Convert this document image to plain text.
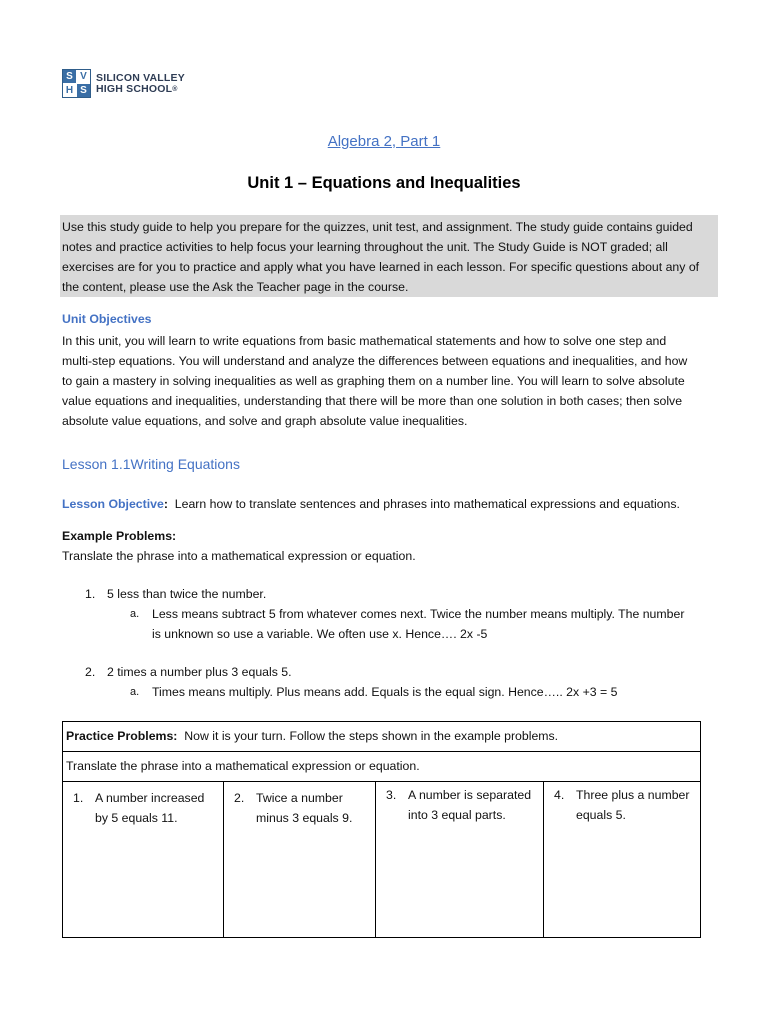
S V
H S
SILICON VALLEY
HIGH SCHOOL®
Algebra 2, Part 1
Unit 1 – Equations and Inequalities
Use this study guide to help you prepare for the quizzes, unit test, and assignment. The study guide contains guided
notes and practice activities to help focus your learning throughout the unit. The Study Guide is NOT graded; all
exercises are for you to practice and apply what you have learned in each lesson. For specific questions about any of
the content, please use the Ask the Teacher page in the course.
Unit Objectives
In this unit, you will learn to write equations from basic mathematical statements and how to solve one step and
multi-step equations. You will understand and analyze the differences between equations and inequalities, and how
to gain a mastery in solving inequalities as well as graphing them on a number line. You will learn to solve absolute
value equations and inequalities, understanding that there will be more than one solution in both cases; then solve
absolute value equations, and solve and graph absolute value inequalities.
Lesson 1.1Writing Equations
Lesson Objective:  Learn how to translate sentences and phrases into mathematical expressions and equations.
Example Problems:
Translate the phrase into a mathematical expression or equation.
1. 5 less than twice the number.
a. Less means subtract 5 from whatever comes next. Twice the number means multiply. The number
is unknown so use a variable. We often use x. Hence…. 2x -5
2. 2 times a number plus 3 equals 5.
a. Times means multiply. Plus means add. Equals is the equal sign. Hence….. 2x +3 = 5
Practice Problems:  Now it is your turn. Follow the steps shown in the example problems.
Translate the phrase into a mathematical expression or equation.

1. A number increased
by 5 equals 11.

2. Twice a number
minus 3 equals 9.

3. A number is separated
into 3 equal parts.

4. Three plus a number
equals 5.
